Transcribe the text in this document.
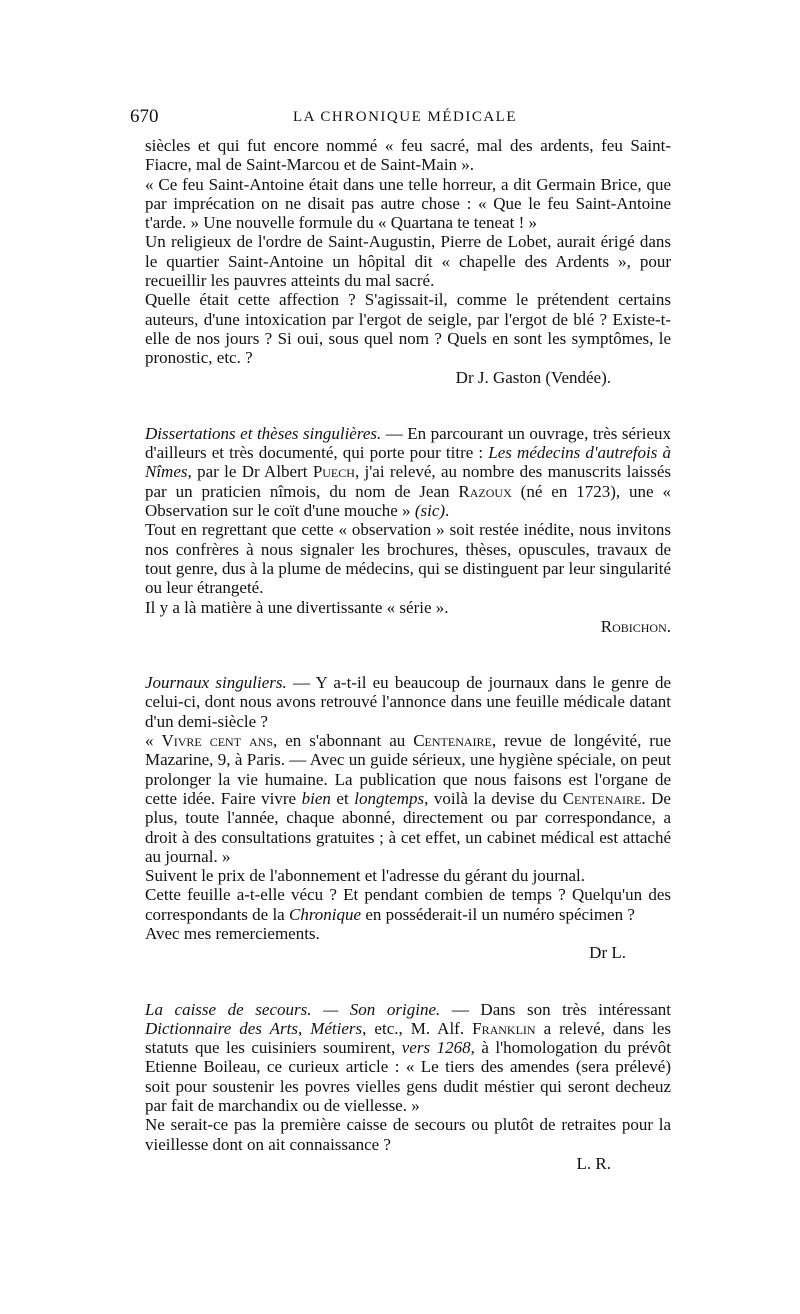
670	LA CHRONIQUE MÉDICALE

siècles et qui fut encore nommé « feu sacré, mal des ardents, feu Saint-Fiacre, mal de Saint-Marcou et de Saint-Main ».

« Ce feu Saint-Antoine était dans une telle horreur, a dit Germain Brice, que par imprécation on ne disait pas autre chose : « Que le feu Saint-Antoine t'arde. » Une nouvelle formule du « Quartana te teneat ! »

Un religieux de l'ordre de Saint-Augustin, Pierre de Lobet, aurait érigé dans le quartier Saint-Antoine un hôpital dit « chapelle des Ardents », pour recueillir les pauvres atteints du mal sacré.

Quelle était cette affection ? S'agissait-il, comme le prétendent certains auteurs, d'une intoxication par l'ergot de seigle, par l'ergot de blé ? Existe-t-elle de nos jours ? Si oui, sous quel nom ? Quels en sont les symptômes, le pronostic, etc. ?

Dr J. Gaston (Vendée).

Dissertations et thèses singulières. — En parcourant un ouvrage, très sérieux d'ailleurs et très documenté, qui porte pour titre : Les médecins d'autrefois à Nîmes, par le Dr Albert Puech, j'ai relevé, au nombre des manuscrits laissés par un praticien nîmois, du nom de Jean Razoux (né en 1723), une « Observation sur le coït d'une mouche » (sic).

Tout en regrettant que cette « observation » soit restée inédite, nous invitons nos confrères à nous signaler les brochures, thèses, opuscules, travaux de tout genre, dus à la plume de médecins, qui se distinguent par leur singularité ou leur étrangeté.

Il y a là matière à une divertissante « série ».

Robichon.

Journaux singuliers. — Y a-t-il eu beaucoup de journaux dans le genre de celui-ci, dont nous avons retrouvé l'annonce dans une feuille médicale datant d'un demi-siècle ?

« Vivre cent ans, en s'abonnant au Centenaire, revue de longévité, rue Mazarine, 9, à Paris. — Avec un guide sérieux, une hygiène spéciale, on peut prolonger la vie humaine. La publication que nous faisons est l'organe de cette idée. Faire vivre bien et longtemps, voilà la devise du Centenaire. De plus, toute l'année, chaque abonné, directement ou par correspondance, a droit à des consultations gratuites ; à cet effet, un cabinet médical est attaché au journal. »

Suivent le prix de l'abonnement et l'adresse du gérant du journal.

Cette feuille a-t-elle vécu ? Et pendant combien de temps ? Quelqu'un des correspondants de la Chronique en posséderait-il un numéro spécimen ?

Avec mes remerciements.

Dr L.

La caisse de secours. — Son origine. — Dans son très intéressant Dictionnaire des Arts, Métiers, etc., M. Alf. Franklin a relevé, dans les statuts que les cuisiniers soumirent, vers 1268, à l'homologation du prévôt Etienne Boileau, ce curieux article : « Le tiers des amendes (sera prélevé) soit pour soustenir les povres vielles gens dudit méstier qui seront decheuz par fait de marchandix ou de viellesse. »

Ne serait-ce pas la première caisse de secours ou plutôt de retraites pour la vieillesse dont on ait connaissance ?

L. R.
